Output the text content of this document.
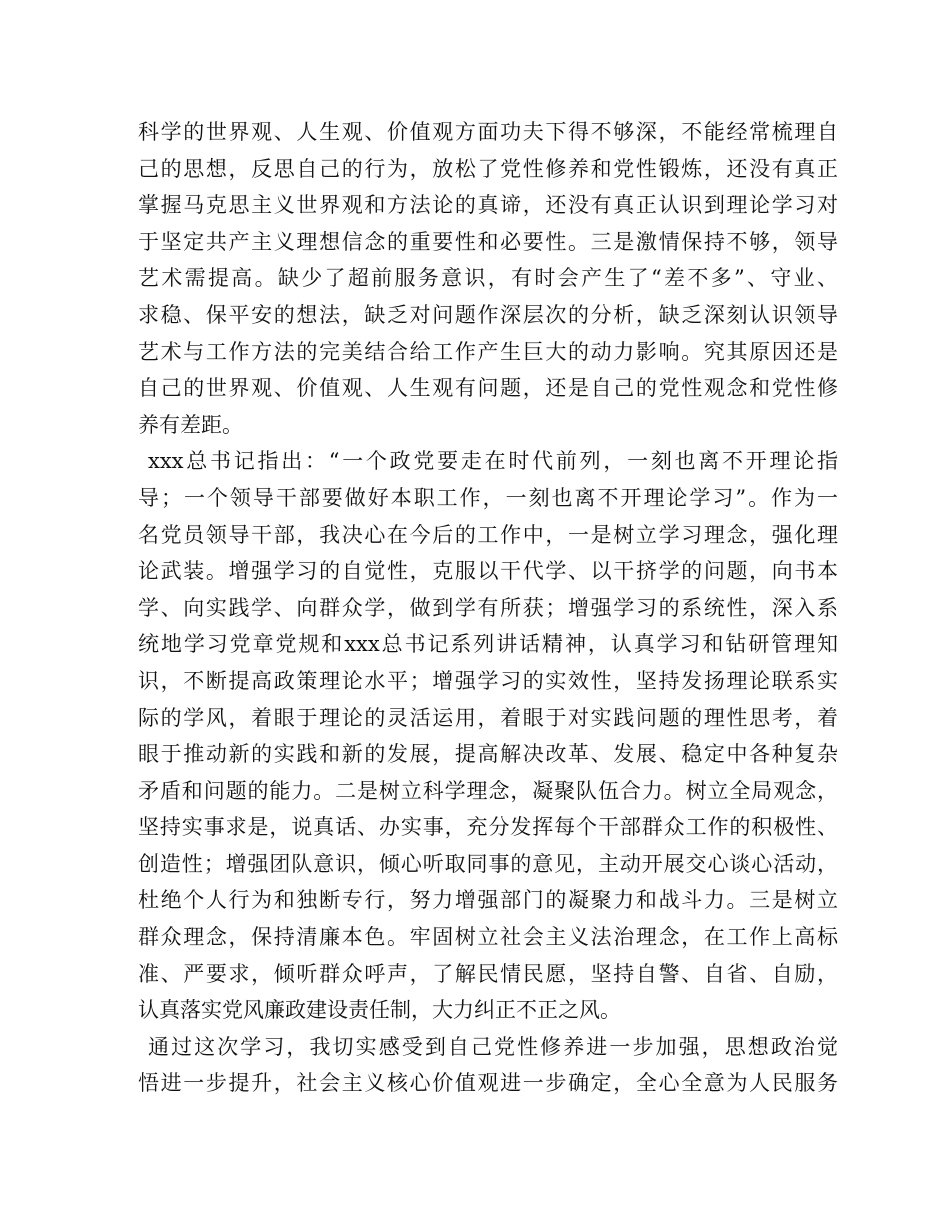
科学的世界观、人生观、价值观方面功夫下得不够深，不能经常梳理自
己的思想，反思自己的行为，放松了党性修养和党性锻炼，还没有真正
掌握马克思主义世界观和方法论的真谛，还没有真正认识到理论学习对
于坚定共产主义理想信念的重要性和必要性。三是激情保持不够，领导
艺术需提高。缺少了超前服务意识，有时会产生了“差不多”、守业、
求稳、保平安的想法，缺乏对问题作深层次的分析，缺乏深刻认识领导
艺术与工作方法的完美结合给工作产生巨大的动力影响。究其原因还是
自己的世界观、价值观、人生观有问题，还是自己的党性观念和党性修
养有差距。
xxx总书记指出：“一个政党要走在时代前列，一刻也离不开理论指
导；一个领导干部要做好本职工作，一刻也离不开理论学习”。作为一
名党员领导干部，我决心在今后的工作中，一是树立学习理念，强化理
论武装。增强学习的自觉性，克服以干代学、以干挤学的问题，向书本
学、向实践学、向群众学，做到学有所获；增强学习的系统性，深入系
统地学习党章党规和xxx总书记系列讲话精神，认真学习和钻研管理知
识，不断提高政策理论水平；增强学习的实效性，坚持发扬理论联系实
际的学风，着眼于理论的灵活运用，着眼于对实践问题的理性思考，着
眼于推动新的实践和新的发展，提高解决改革、发展、稳定中各种复杂
矛盾和问题的能力。二是树立科学理念，凝聚队伍合力。树立全局观念，
坚持实事求是，说真话、办实事，充分发挥每个干部群众工作的积极性、
创造性；增强团队意识，倾心听取同事的意见，主动开展交心谈心活动，
杜绝个人行为和独断专行，努力增强部门的凝聚力和战斗力。三是树立
群众理念，保持清廉本色。牢固树立社会主义法治理念，在工作上高标
准、严要求，倾听群众呼声，了解民情民愿，坚持自警、自省、自励，
认真落实党风廉政建设责任制，大力纠正不正之风。
通过这次学习，我切实感受到自己党性修养进一步加强，思想政治觉
悟进一步提升，社会主义核心价值观进一步确定，全心全意为人民服务
